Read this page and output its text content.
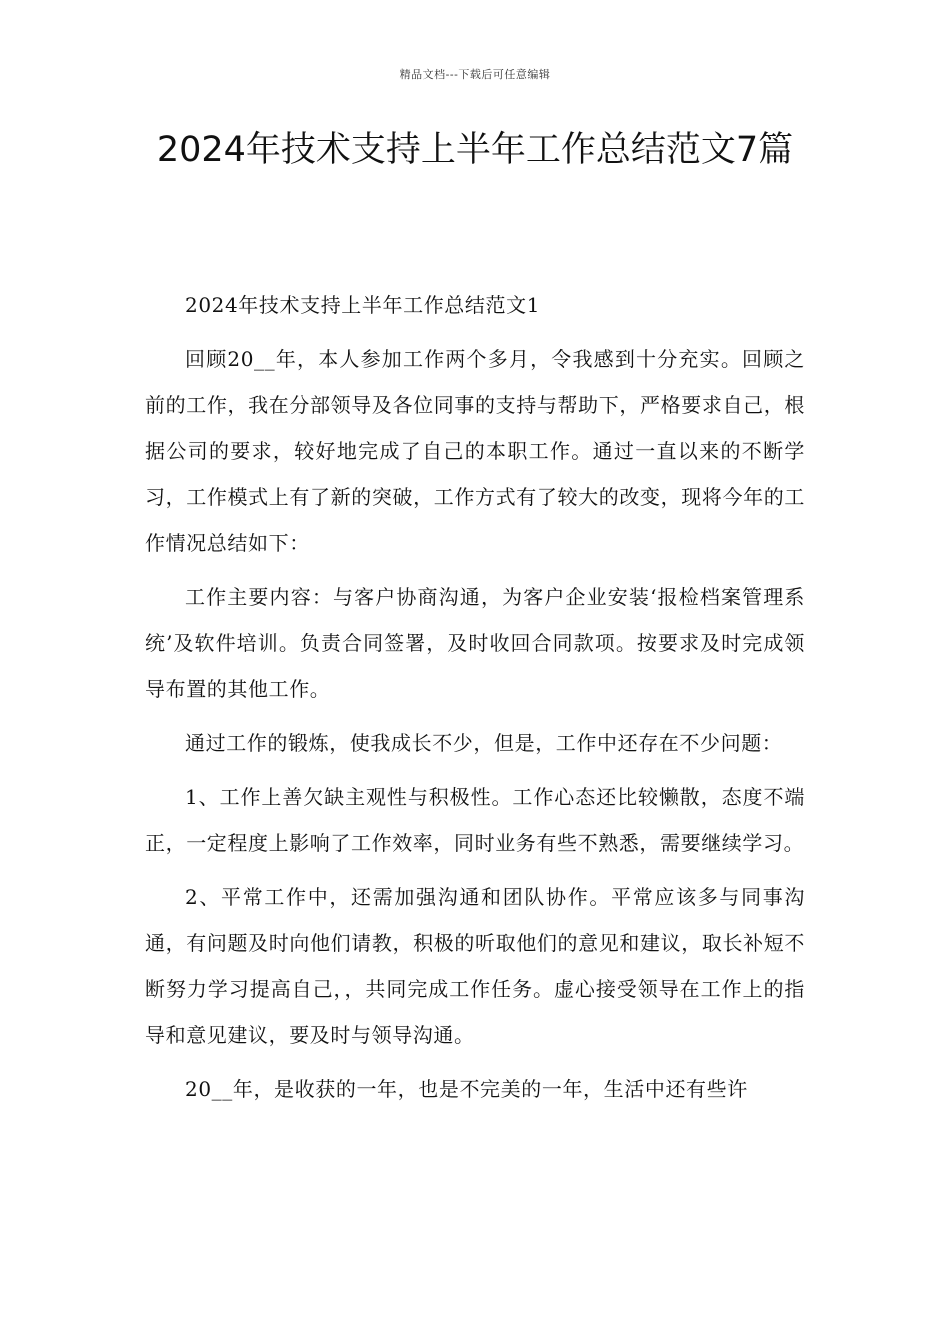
精品文档---下载后可任意编辑
2024年技术支持上半年工作总结范文7篇

2024年技术支持上半年工作总结范文1

回顾20__年，本人参加工作两个多月，令我感到十分充实。回顾之前的工作，我在分部领导及各位同事的支持与帮助下，严格要求自己，根据公司的要求，较好地完成了自己的本职工作。通过一直以来的不断学习，工作模式上有了新的突破，工作方式有了较大的改变，现将今年的工作情况总结如下：

工作主要内容：与客户协商沟通，为客户企业安装‘报检档案管理系统’及软件培训。负责合同签署，及时收回合同款项。按要求及时完成领导布置的其他工作。

通过工作的锻炼，使我成长不少，但是，工作中还存在不少问题：

1、工作上善欠缺主观性与积极性。工作心态还比较懒散，态度不端正，一定程度上影响了工作效率，同时业务有些不熟悉，需要继续学习。

2、平常工作中，还需加强沟通和团队协作。平常应该多与同事沟通，有问题及时向他们请教，积极的听取他们的意见和建议，取长补短不断努力学习提高自己，，共同完成工作任务。虚心接受领导在工作上的指导和意见建议，要及时与领导沟通。

20__年，是收获的一年，也是不完美的一年，生活中还有些许
